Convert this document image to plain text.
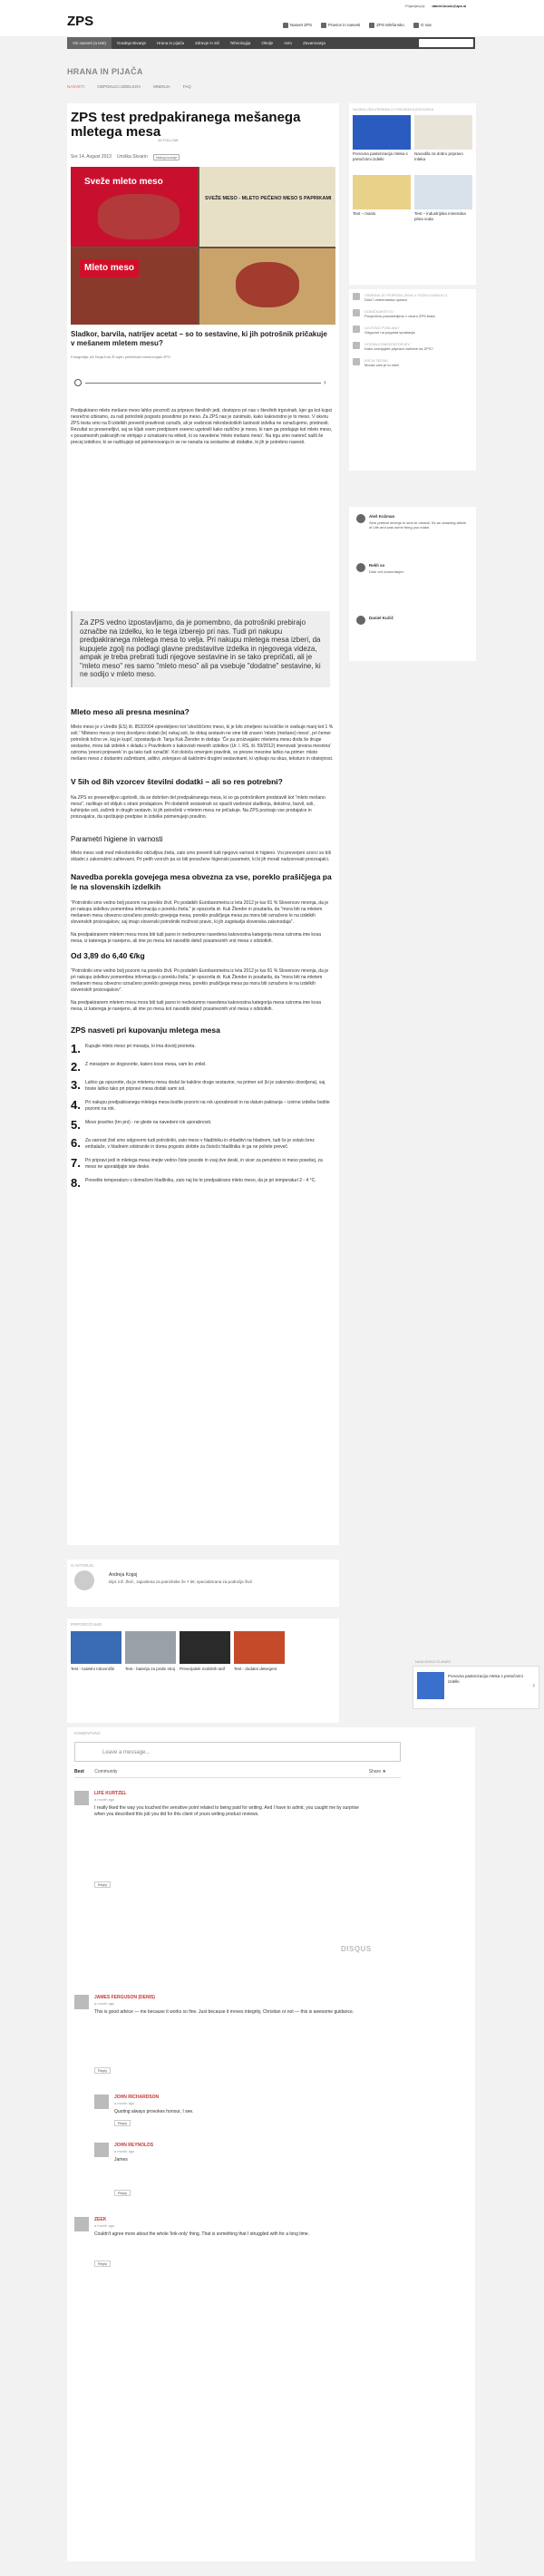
ZPS
Prijavljen(a): daniel.kucic@zps.si
Nasvet ZPS	Pravice in nasveti	ZPS telefonsko	O nas
Vsi nasveti (a test)	Gradnja Bivanje	Hrana in pijača	Zdravje in stil	Tehnologija	Okolje	Avto	Zavarovanja
HRANA IN PIJAČA
NASVETI	ODPOKLICI IZDELKOV	MNENJA	FAQ
ZPS test predpakiranega mešanega mletega mesa
Sre 14. Avgust 2013 Uroška Skvarin	Nakupovanje
45 FOLLOW
Sveže mleto meso
SVEŽE MESO - MLETO PEČENO MESO S PAPRIKAMI
Mleto meso
Sladkor, barvila, natrijev acetat – so to sestavine, ki jih potrošnik pričakuje v mešanem mletem mesu?
Fotografija: Ali Tanja Kuk Žl-rojen preferiralni strokovnjaki ZPS
›

Predpakirano mleto mešano meso lahko povzroči za pripravo številnih jedi, dostopno pri nas v številnih trgovinah, kjer ga kot kupci nesrečno izbiramo, za naš potrošnik pogosto posodimo po meso. Za ZPS nas je zanimalo, kako kakovostno je to meso. V okviru ZPS testa smo na 8 izdelkih preverili pravilnost označb, ali je vsebnost mikrobioloških lastnosti izdelka ne označujemo, pristnosti. Rezultat so presenetljivi, saj se kljub vsem predpisom vseeno ugotovili kako različno je meso, ki nam ga prodajajo kot mleto meso, v posameznih pakiranjih ne strinjajo z oznakami na etiketi, ki so navedene 'mleto mešano meso'. Na trgu smo namreč našli še precej izdelkov, ki se razlikujejo od poimenovanja in se ne nanaša na sestavine ali dodatke, ki jih je potrebno navesti.

Za ZPS vedno izpostavljamo, da je pomembno, da potrošniki prebirajo označbe na izdelku, ko le tega izberejo pri nas. Tudi pri nakupu predpakiranega mletega mesa to velja. Pri nakupu mletega mesa izberi, da kupujete zgolj na podlagi glavne predstavitve izdelka in njegovega videza, ampak je treba prebrati tudi njegove sestavine in se tako prepričati, ali je "mleto meso" res samo "mleto meso" ali pa vsebuje "dodatne" sestavine, ki ne sodijo v mleto meso.
Mleto meso ali presna mesnina?

Mleto meso je v Uredbi (ES) št. 853/2004 opredeljeno kot 'izkoščičeno meso, ki je bilo zmeljeno na koščke in vsebuje manj kot 1 % soli.' 'Mleteno meso je torej dovoljeno dodati (le) nekaj soli, še dokaj sestavin ne sme biti zraven 'mleto (mešano) meso', pri čemer potrošnik točno ve, kaj je kupil', izpostavlja dr. Tanja Kuk Žlender in dodaja: 'Če pa proizvajalec mletemu mesu doda še druge sestavine, mora tak izdelek v skladu s Pravilnikom o kakovosti mesnih izdelkov (Ur. l. RS, št. 59/2012) imenovati 'presna mesnina' oziroma 'presni pripravek' in ga tako tudi označiti'. Kot določa omenjeni pravilnik, so presne mesnine lahko na primer: mleto mešano meso z dodanimi začimbami, aditivi, zelenjavo ali kakšnimi drugimi sestavinami, ki vplivajo na okus, teksturo in obstojnost.

V 5ih od 8ih vzorcev številni dodatki – ali so res potrebni?

Na ZPS so presenetljivo ugotovili, da se dobršen del predpakiranega mesa, ki so ga potrošnikom predstavili kot "mleto mešano meso", razlikuje od obljub s strani prodajalcev. Pri dodatnih sestavinah so opazili vsebnost sladkorja, dekstroz, barvil, soli, kuhinjske soli, začimb in drugih sestavin, ki jih potrošnik v mletem mesu ne pričakuje. Na ZPS pozivajo vse prodajalce in proizvajalce, da spoštujejo predpise in izdelke poimenujejo pravilno.

Parametri higiene in varnosti

Mleto meso sodi med mikrobiološko občutljiva živila, zato smo preverili tudi njegovo varnost in higieno. Vsi preverjeni vzorci so bili skladni z zakonskimi zahtevami. Pri petih vzorcih pa so bili presežene higienski parametri, ki bi jih morali nadzorovati proizvajalci.

Navedba porekla govejega mesa obvezna za vse, poreklo prašičjega pa le na slovenskih izdelkih

"Potrošniki smo vedno bolj pozorni na poreklo živil. Po podatkih Eurobarometra iz leta 2012 je kar 81 % Slovencev mnenja, da je pri nakupu izdelkov pomembna informacija o poreklu živila," je opozorila dr. Kuk Žlender in poudarila, da "mora biti na mletem mešanem mesu obvezno označeno poreklo govejega mesa, poreklo prašičjega mesa pa mora biti označeno le na izdelkih slovenskih proizvajalcev, saj imajo slovenski potrošniki možnost pravic, ki jih zagotavlja slovenska zakonodaja".

Na predpakiranem mletem mesu mora biti tudi jasno in nedvoumno navedena kakovostna kategorija mesa oziroma ime kosa mesa, iz katerega je narejeno, ali ime po mesu kot navodilo delež posameznih vrst mesa v odstotkih.

Od 3,89 do 6,40 €/kg

"Potrošniki smo vedno bolj pozorni na poreklo živil. Po podatkih Eurobarometra iz leta 2012 je kar 81 % Slovencev mnenja, da je pri nakupu izdelkov pomembna informacija o poreklu živila," je opozorila dr. Kuk Žlender in poudarila, da "mora biti na mletem mešanem mesu obvezno označeno poreklo govejega mesa, poreklo prašičjega mesa pa mora biti označeno le na izdelkih slovenskih proizvajalcev".

Na predpakiranem mletem mesu mora biti tudi jasno in nedvoumno navedena kakovostna kategorija mesa oziroma ime kosa mesa, iz katerega je narejeno, ali ime po mesu kot navodilo delež posameznih vrst mesa v odstotkih.

ZPS nasveti pri kupovanju mletega mesa
1. Kupujte mleto meso pri mesarju, ki ima dovolj prometa.
2. Z mesarjem se dogovorite, katero kose mesa, vam bo zmlel.
3. Lahko ga opozorite, da je mletemu mesu dodal še kakšne druge sestavine, na primer sol (ki je zakonsko dovoljena), saj boste lahko tako pri pripravi mesa dodali sami sol.
4. Pri nakupu predpakiranega mletega mesa bodite pozorni na rok uporabnosti in na datum pakiranja – izvirne izdelke bodite pozorni na rok.
5. Meso pravilno (trn pni) - ne glede na navedeni rok uporabnosti.
6. Za varnost živil smo odgovorni tudi potrošniki, zato meso v hladilniku in ohladitvi na hladnem, tudi če je ostalo brez embalaže, v hladnem odstranite in doma pogosto skrbite za čistočo hladilnika in ga ne polnite preveč.
7. Pri pripravi jedi in mletega mesa imejte vedno čiste posode in vsaj dve deski, in sicer za perutnino in meso posebej, za meso ne uporabljajte iste deske.
8. Prevelite temperaturo v domačem hladilniku, zato naj bo le predpakirano mleto meso, da je pri temperaturi 2 - 4 °C.
O AVTORJU
Andreja Kogoj
Dipl. inž. Živil., zaposlena za potrošnike že 7 let; specializirana za področje živil
PRIPOROČAMO
Test - toaletni robovnički	Test - baterija za pralni stroj Primerjalnik mobilnih tarif	Test - dodatni detergent
KOMENTARJI
Leave a message...
Best Community	Share ★
LIFE KURTZEL
a month ago
I really liked the way you touched the sensitive point related to being paid for writing. And I have to admit, you caught me by surprise when you described this job you did for this client of yours writing product reviews.
Reply
DISQUS
JAMES FERGUSON (DENIS)
a month ago
This is good advice — me because it works so fine. Just because it moves integrity, Christian or not — this is awesome guidance.
Reply
JOHN RICHARDSON
a month ago
Quoting always provokes honour, I see.
Reply
JOHN REYNOLDS
a month ago
James
Reply
ZEEK
a month ago
Couldn't agree more about the whole 'link-only' thing. That is something that I struggled with for a long time.
Reply
NAJBOLJŠA VSEBINA O PODOBNI KATEGORIJI
Ponovna pasterizacija mleka s pretočnimi izdelki
Navodila za dobro pripravo mleka
Test – maslo	Test – industrijska mineralna pitna voda
VSEBINA JE PRIPRAVLJENA V SODELOVANJU Z
Dolo? veterinarska uprava
DOBIČKARSTVO
Povprečno posodobljeno v okviru ZPS testa
LIKOVNO POSLANO
Odgovori na pogosta vprašanja
OCENA KOMENTATORJEV
Kako ocenjujete pripravo vsebine na ZPS?
IDEJA TEDNA
Morda vam je to všeč
Aleš Kožman
Sem prebral mnenje in sem te ohranil. It's an amazing article of Life and was some thing you make.
Rekli so
Dobi več komentarjev
Daniel Kučič
NASLEDNJI ČLANEK
Ponovna pasterizacija mleka s pretočnimi izdelki	›
